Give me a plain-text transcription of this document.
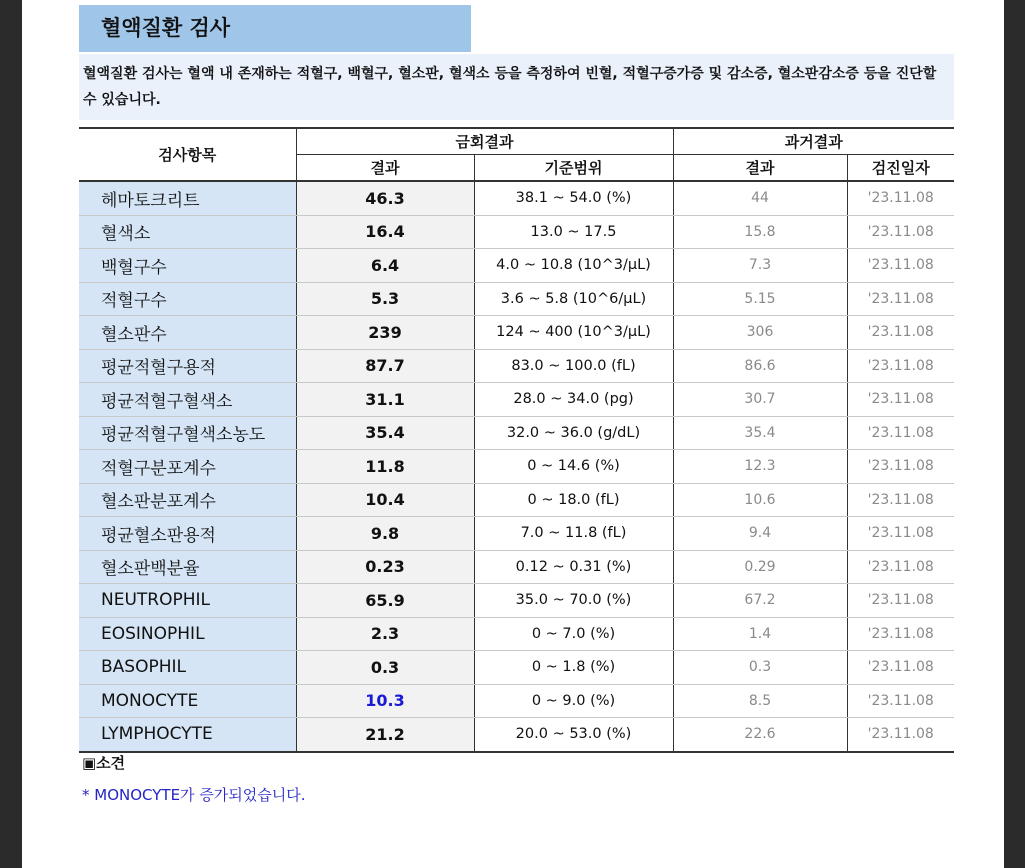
혈액질환 검사
혈액질환 검사는 혈액 내 존재하는 적혈구, 백혈구, 혈소판, 혈색소 등을 측정하여 빈혈, 적혈구증가증 및 감소증, 혈소판감소증 등을 진단할 수 있습니다.
검사항목	금회결과		과거결과	
	결과	기준범위	결과	검진일자
헤마토크리트	46.3	38.1 ~ 54.0 (%)	44	'23.11.08
혈색소	16.4	13.0 ~ 17.5	15.8	'23.11.08
백혈구수	6.4	4.0 ~ 10.8 (10^3/μL)	7.3	'23.11.08
적혈구수	5.3	3.6 ~ 5.8 (10^6/μL)	5.15	'23.11.08
혈소판수	239	124 ~ 400 (10^3/μL)	306	'23.11.08
평균적혈구용적	87.7	83.0 ~ 100.0 (fL)	86.6	'23.11.08
평균적혈구혈색소	31.1	28.0 ~ 34.0 (pg)	30.7	'23.11.08
평균적혈구혈색소농도	35.4	32.0 ~ 36.0 (g/dL)	35.4	'23.11.08
적혈구분포계수	11.8	0 ~ 14.6 (%)	12.3	'23.11.08
혈소판분포계수	10.4	0 ~ 18.0 (fL)	10.6	'23.11.08
평균혈소판용적	9.8	7.0 ~ 11.8 (fL)	9.4	'23.11.08
혈소판백분율	0.23	0.12 ~ 0.31 (%)	0.29	'23.11.08
NEUTROPHIL	65.9	35.0 ~ 70.0 (%)	67.2	'23.11.08
EOSINOPHIL	2.3	0 ~ 7.0 (%)	1.4	'23.11.08
BASOPHIL	0.3	0 ~ 1.8 (%)	0.3	'23.11.08
MONOCYTE	10.3	0 ~ 9.0 (%)	8.5	'23.11.08
LYMPHOCYTE	21.2	20.0 ~ 53.0 (%)	22.6	'23.11.08
▣소견
* MONOCYTE가 증가되었습니다.
